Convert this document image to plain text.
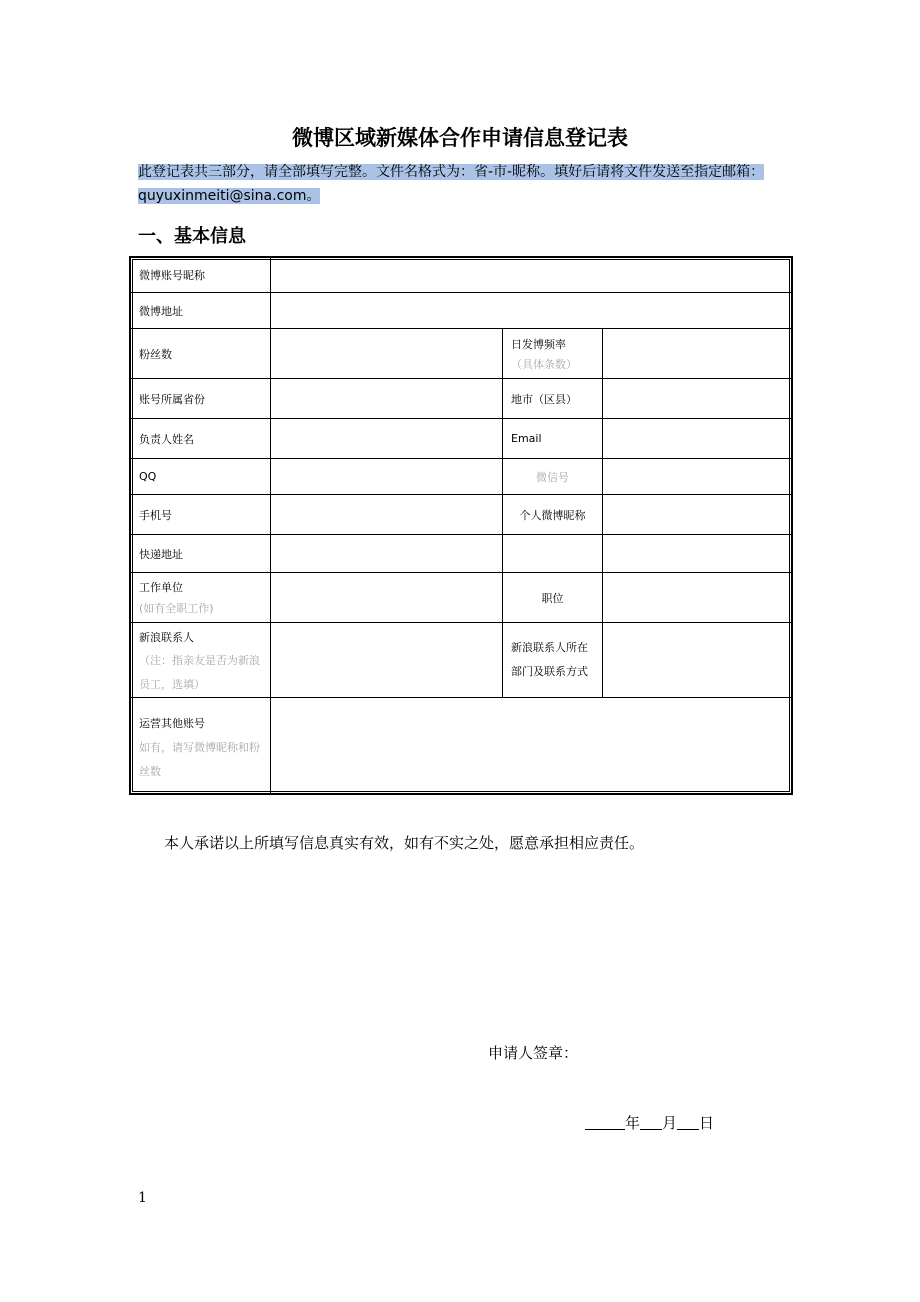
微博区域新媒体合作申请信息登记表
此登记表共三部分，请全部填写完整。文件名格式为：省-市-昵称。填好后请将文件发送至指定邮箱：quyuxinmeiti@sina.com。
一、基本信息
微博账号昵称			
微博地址			
粉丝数		日发博频率
（具体条数）	

账号所属省份		地市（区县）	
负责人姓名		Email	
QQ		微信号	
手机号		个人微博昵称	
快递地址			

工作单位
(如有全职工作)		职位	

新浪联系人
（注：指亲友是否为新浪员工，选填）		新浪联系人所在部门及联系方式	

运营其他账号
如有，请写微博昵称和粉丝数			

本人承诺以上所填写信息真实有效，如有不实之处，愿意承担相应责任。
申请人签章：
年 月 日
1
